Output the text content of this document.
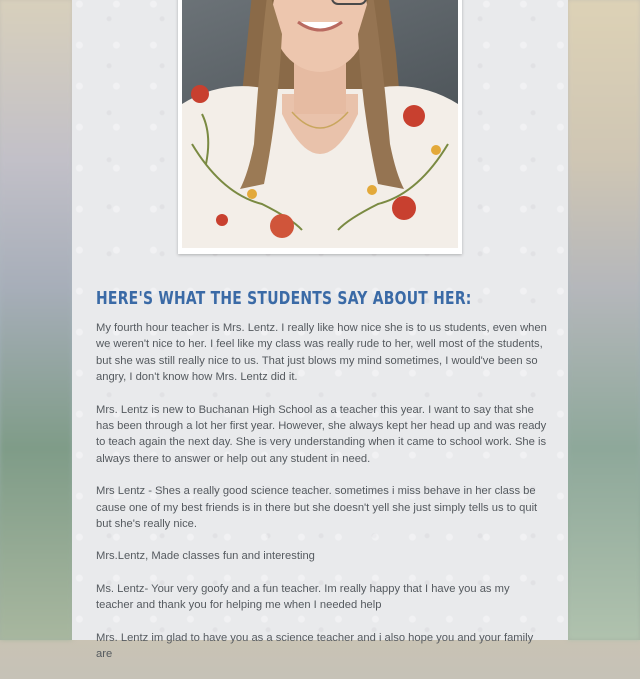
HERE'S WHAT THE STUDENTS SAY ABOUT HER:
My fourth hour teacher is Mrs. Lentz. I really like how nice she is to us students, even when we weren't nice to her. I feel like my class was really rude to her, well most of the students, but she was still really nice to us. That just blows my mind sometimes, I would've been so angry, I don't know how Mrs. Lentz did it.
Mrs. Lentz is new to Buchanan High School as a teacher this year. I want to say that she has been through a lot her first year. However, she always kept her head up and was ready to teach again the next day. She is very understanding when it came to school work. She is always there to answer or help out any student in need.
Mrs Lentz - Shes a really good science teacher. sometimes i miss behave in her class be cause one of my best friends is in there but she doesn't yell she just simply tells us to quit but she's really nice.
Mrs.Lentz, Made classes fun and interesting
Ms. Lentz- Your very goofy and a fun teacher. Im really happy that I have you as my teacher and thank you for helping me when I needed help
Mrs. Lentz im glad to have you as a science teacher and i also hope you and your family are
